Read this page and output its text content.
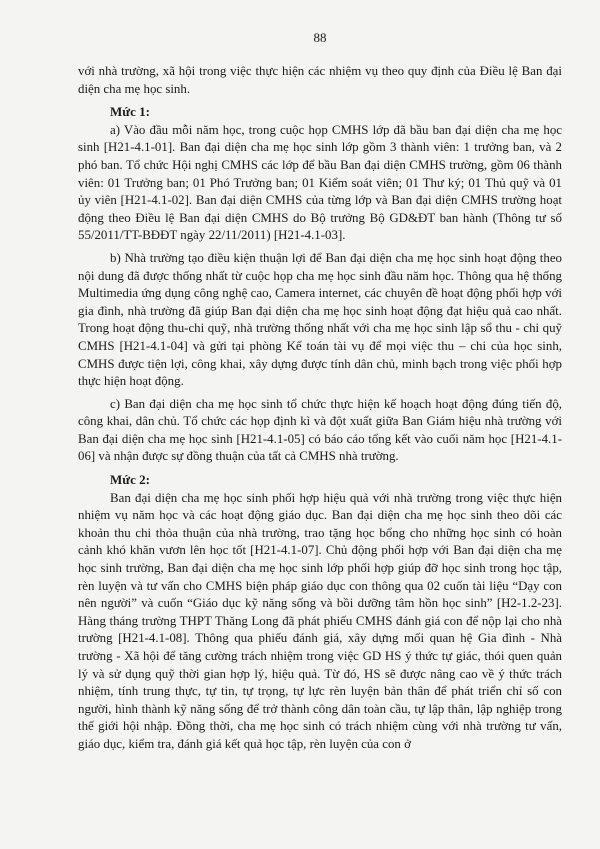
88

với nhà trường, xã hội trong việc thực hiện các nhiệm vụ theo quy định của Điều lệ Ban đại diện cha mẹ học sinh.

Mức 1:

a) Vào đầu mỗi năm học, trong cuộc họp CMHS lớp đã bầu ban đại diện cha mẹ học sinh [H21-4.1-01]. Ban đại diện cha mẹ học sinh lớp gồm 3 thành viên: 1 trưởng ban, và 2 phó ban. Tổ chức Hội nghị CMHS các lớp để bầu Ban đại diện CMHS trường, gồm 06 thành viên: 01 Trưởng ban; 01 Phó Trưởng ban; 01 Kiểm soát viên; 01 Thư ký; 01 Thủ quỹ và 01 ủy viên [H21-4.1-02]. Ban đại diện CMHS của từng lớp và Ban đại diện CMHS trường hoạt động theo Điều lệ Ban đại diện CMHS do Bộ trưởng Bộ GD&ĐT ban hành (Thông tư số 55/2011/TT-BĐĐT ngày 22/11/2011) [H21-4.1-03].

b) Nhà trường tạo điều kiện thuận lợi để Ban đại diện cha mẹ học sinh hoạt động theo nội dung đã được thống nhất từ cuộc họp cha mẹ học sinh đầu năm học. Thông qua hệ thống Multimedia ứng dụng công nghệ cao, Camera internet, các chuyên đề hoạt động phối hợp với gia đình, nhà trường đã giúp Ban đại diện cha mẹ học sinh hoạt động đạt hiệu quả cao nhất. Trong hoạt động thu-chi quỹ, nhà trường thống nhất với cha mẹ học sinh lập sổ thu - chi quỹ CMHS [H21-4.1-04] và gửi tại phòng Kế toán tài vụ để mọi việc thu – chi của học sinh, CMHS được tiện lợi, công khai, xây dựng được tính dân chủ, minh bạch trong việc phối hợp thực hiện hoạt động.

c) Ban đại diện cha mẹ học sinh tổ chức thực hiện kế hoạch hoạt động đúng tiến độ, công khai, dân chủ. Tổ chức các họp định kì và đột xuất giữa Ban Giám hiệu nhà trường với Ban đại diện cha mẹ học sinh [H21-4.1-05] có báo cáo tổng kết vào cuối năm học [H21-4.1-06] và nhận được sự đồng thuận của tất cả CMHS nhà trường.

Mức 2:

Ban đại diện cha mẹ học sinh phối hợp hiệu quả với nhà trường trong việc thực hiện nhiệm vụ năm học và các hoạt động giáo dục. Ban đại diện cha mẹ học sinh theo dõi các khoản thu chi thỏa thuận của nhà trường, trao tặng học bổng cho những học sinh có hoàn cảnh khó khăn vươn lên học tốt [H21-4.1-07]. Chủ động phối hợp với Ban đại diện cha mẹ học sinh trường, Ban đại diện cha mẹ học sinh lớp phối hợp giúp đỡ học sinh trong học tập, rèn luyện và tư vấn cho CMHS biện pháp giáo dục con thông qua 02 cuốn tài liệu “Dạy con nên người” và cuốn “Giáo dục kỹ năng sống và bồi dưỡng tâm hồn học sinh” [H2-1.2-23]. Hàng tháng trường THPT Thăng Long đã phát phiếu CMHS đánh giá con để nộp lại cho nhà trường [H21-4.1-08]. Thông qua phiếu đánh giá, xây dựng mối quan hệ Gia đình - Nhà trường - Xã hội để tăng cường trách nhiệm trong việc GD HS ý thức tự giác, thói quen quản lý và sử dụng quỹ thời gian hợp lý, hiệu quả. Từ đó, HS sẽ được nâng cao về ý thức trách nhiệm, tính trung thực, tự tin, tự trọng, tự lực rèn luyện bản thân để phát triển chỉ số con người, hình thành kỹ năng sống để trở thành công dân toàn cầu, tự lập thân, lập nghiệp trong thế giới hội nhập. Đồng thời, cha mẹ học sinh có trách nhiệm cùng với nhà trường tư vấn, giáo dục, kiểm tra, đánh giá kết quả học tập, rèn luyện của con ở
